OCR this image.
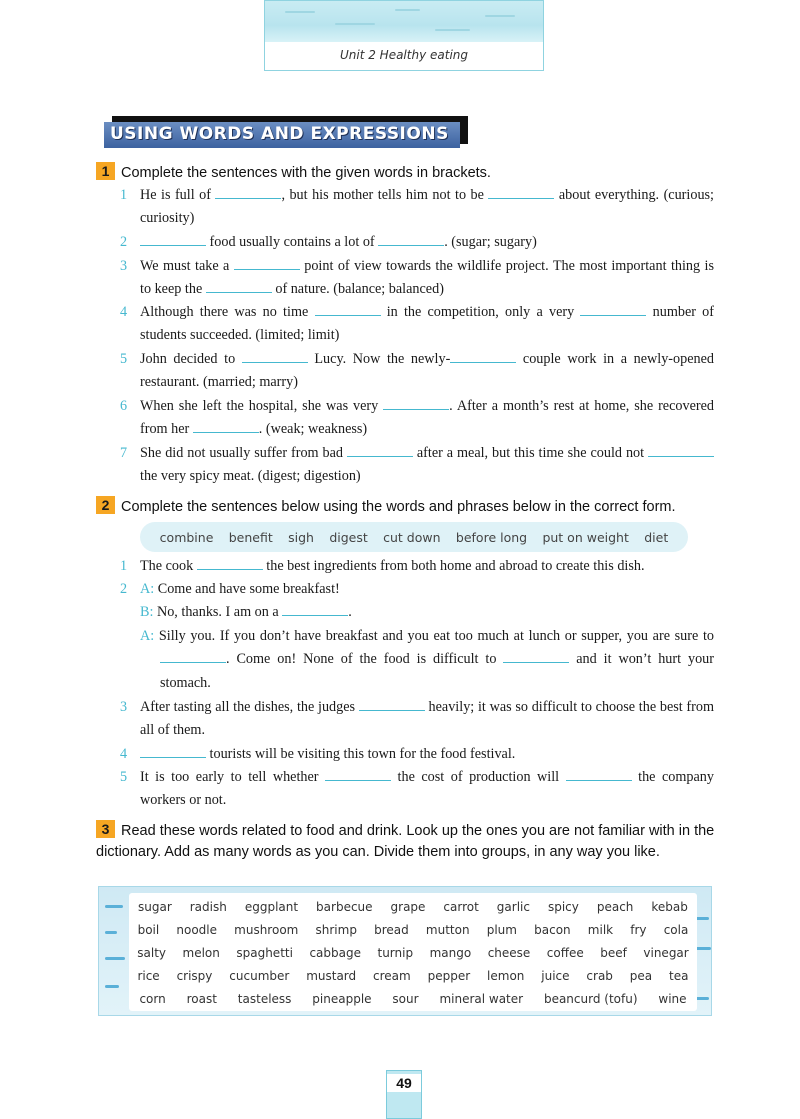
Unit 2 Healthy eating
USING WORDS AND EXPRESSIONS
1 Complete the sentences with the given words in brackets.
1 He is full of	, but his mother tells him not to be	about everything. (curious; curiosity)
2	food usually contains a lot of	. (sugar; sugary)
3 We must take a	point of view towards the wildlife project. The most important thing is to keep the	of nature. (balance; balanced)
4 Although there was no time	in the competition, only a very	number of students succeeded. (limited; limit)
5 John decided to	Lucy. Now the newly-	couple work in a newly-opened restaurant. (married; marry)
6 When she left the hospital, she was very	. After a month’s rest at home, she recovered from her	. (weak; weakness)
7 She did not usually suffer from bad	after a meal, but this time she could not  the very spicy meat. (digest; digestion)
2 Complete the sentences below using the words and phrases below in the correct form.
combine benefit sigh digest cut down before long put on weight diet
1 The cook	the best ingredients from both home and abroad to create this dish.
2 A: Come and have some breakfast!
B: No, thanks. I am on a	.
A: Silly you. If you don’t have breakfast and you eat too much at lunch or supper, you are sure to . Come on! None of the food is difficult to	and it won’t hurt your stomach.
3 After tasting all the dishes, the judges	heavily; it was so difficult to choose the best from all of them.
4	tourists will be visiting this town for the food festival.
5 It is too early to tell whether	the cost of production will	the company workers or not.
3 Read these words related to food and drink. Look up the ones you are not familiar with in the dictionary. Add as many words as you can. Divide them into groups, in any way you like.
sugar radish eggplant barbecue grape carrot garlic spicy peach kebab
boil noodle mushroom shrimp bread mutton plum bacon milk fry cola
salty melon spaghetti cabbage turnip mango cheese coffee beef vinegar
rice crispy cucumber mustard cream pepper lemon juice crab pea tea
corn roast tasteless pineapple sour mineral water beancurd (tofu) wine
49
